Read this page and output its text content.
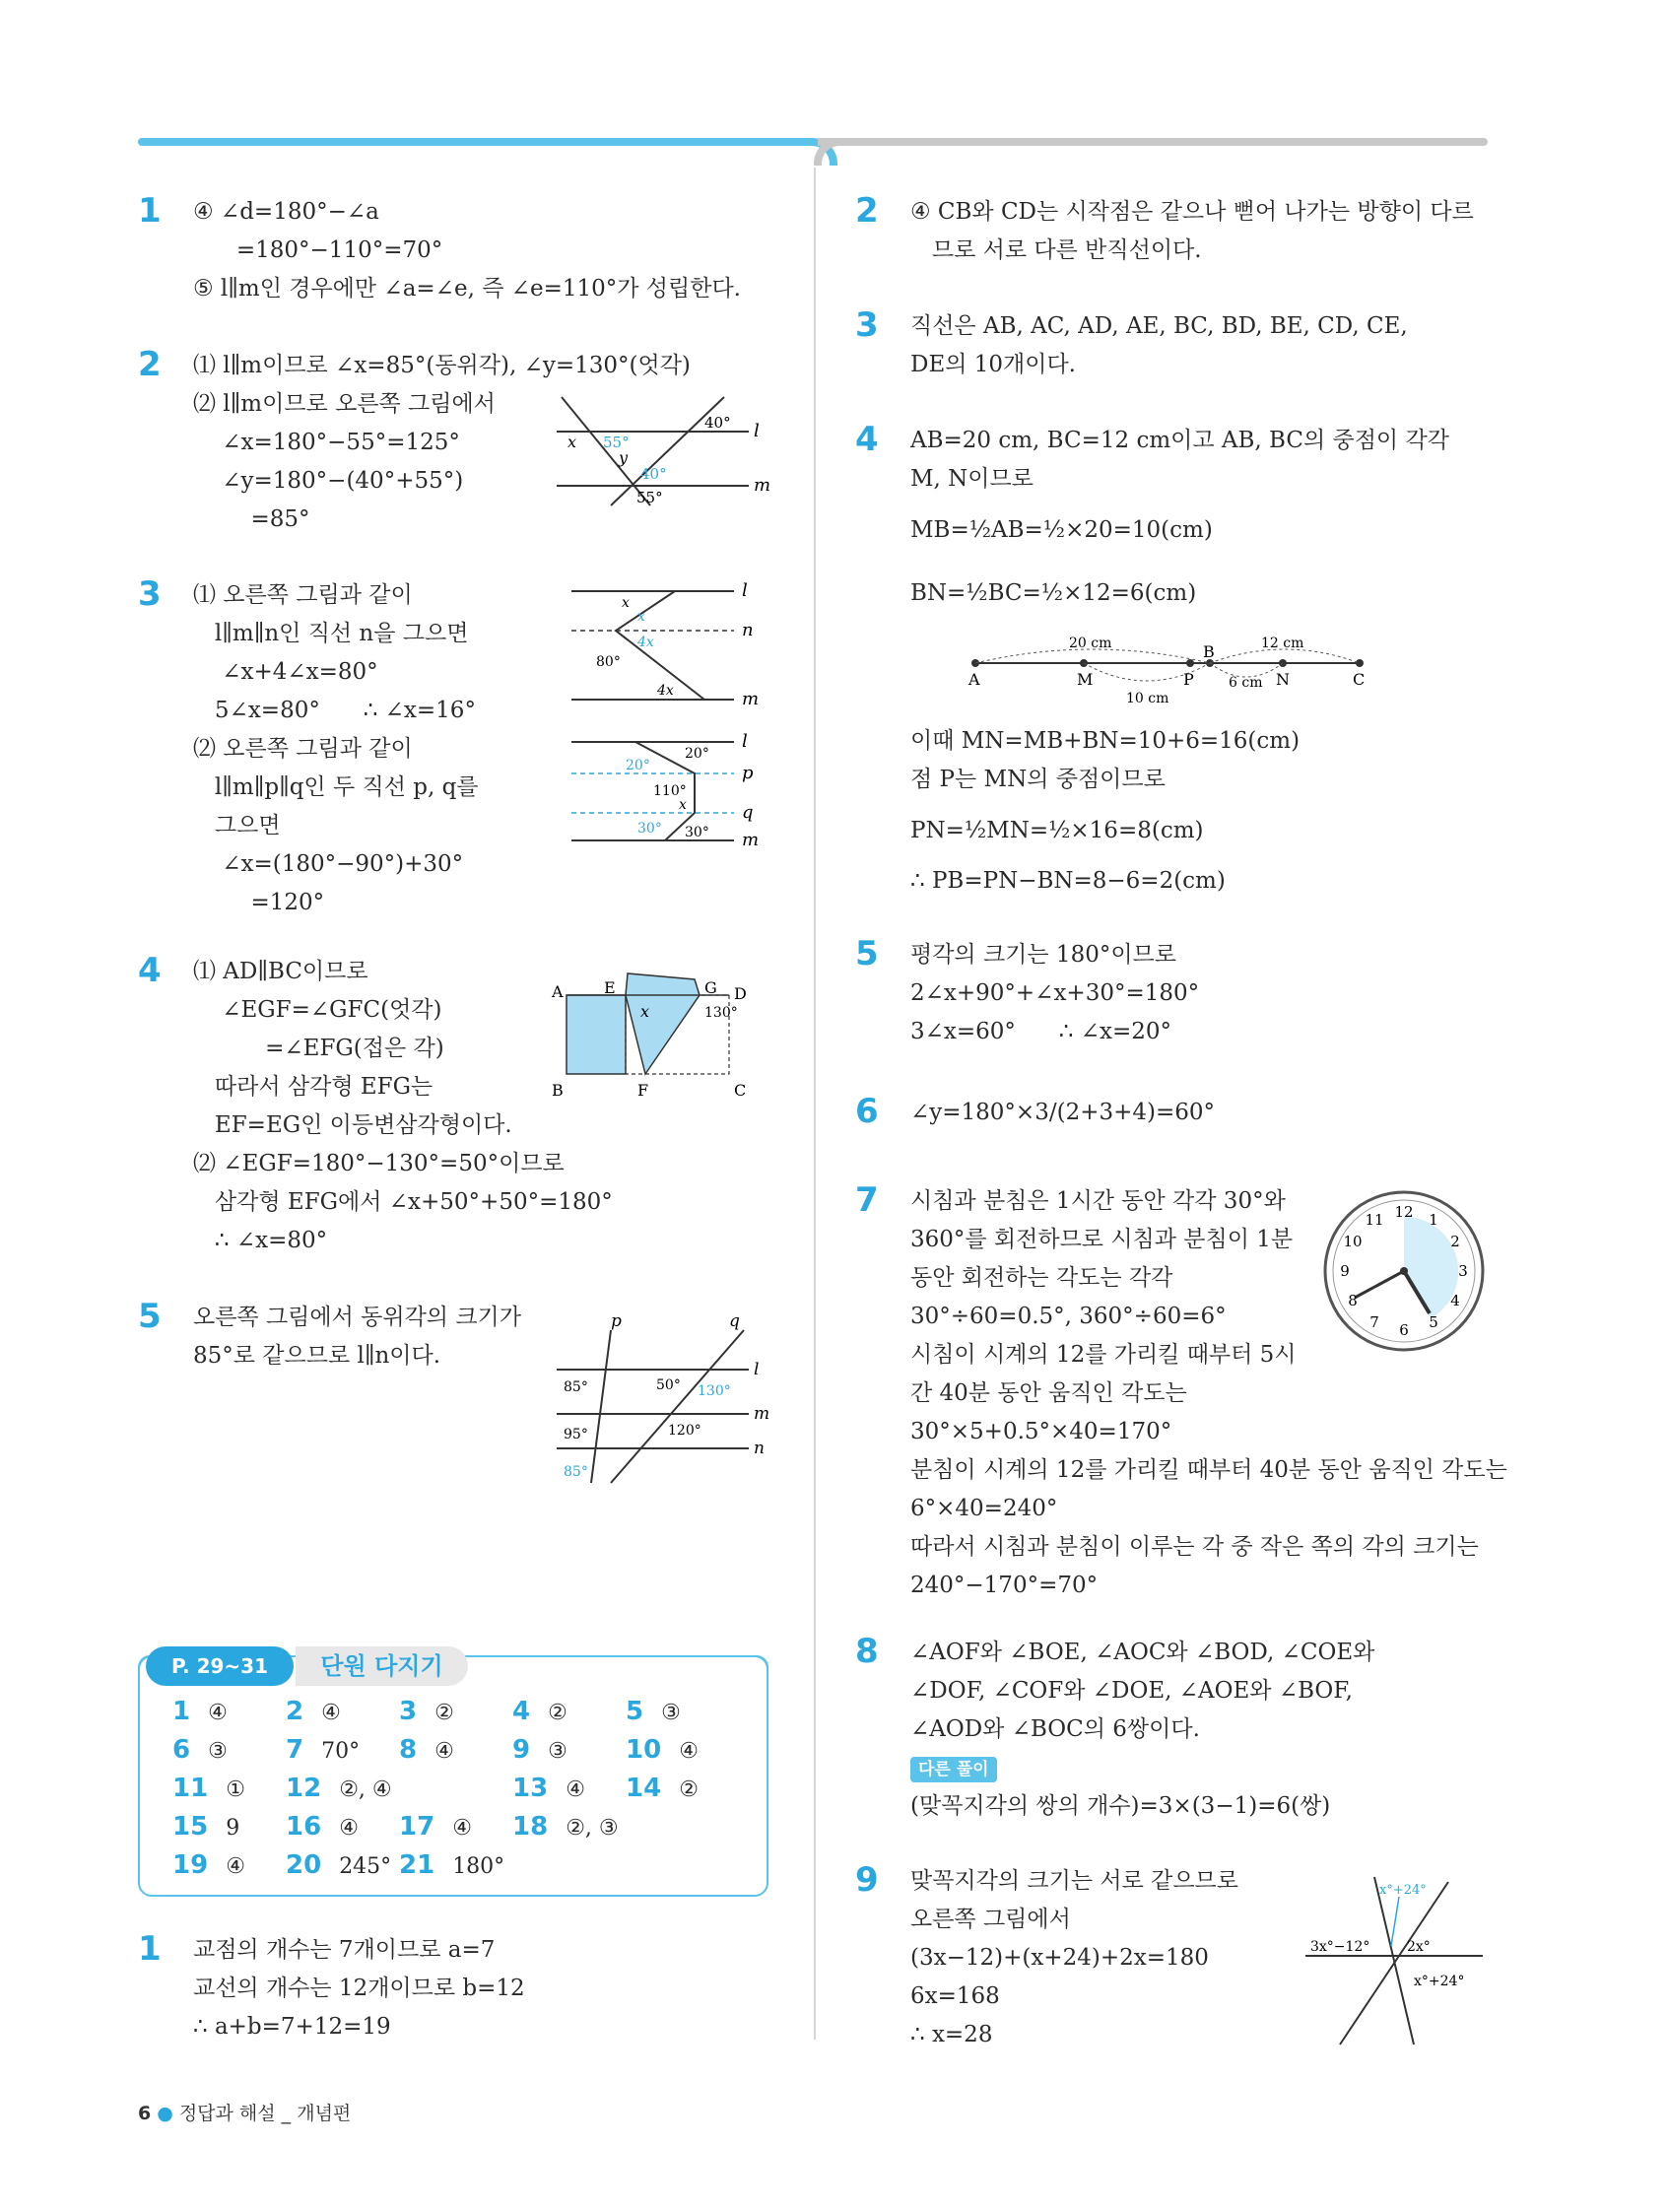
1 ④ ∠d=180°−∠a
=180°−110°=70°
⑤ l∥m인 경우에만 ∠a=∠e, 즉 ∠e=110°가 성립한다.
2 ⑴ l∥m이므로 ∠x=85°(동위각), ∠y=130°(엇각)
⑵ l∥m이므로 오른쪽 그림에서
∠x=180°−55°=125°
∠y=180°−(40°+55°)
=85°
l
m
40°
55°
40°
55°
x
y
3 ⑴ 오른쪽 그림과 같이
l∥m∥n인 직선 n을 그으면
∠x+4∠x=80°
5∠x=80°      ∴ ∠x=16°
⑵ 오른쪽 그림과 같이
l∥m∥p∥q인 두 직선 p, q를
그으면
∠x=(180°−90°)+30°
=120°
l
n
m
x
x
4x
80°
4x
l
p
q
m
20°
20°
110°
x
30° 30°
4 ⑴ AD∥BC이므로
∠EGF=∠GFC(엇각)
=∠EFG(접은 각)
따라서 삼각형 EFG는
EF=EG인 이등변삼각형이다.
⑵ ∠EGF=180°−130°=50°이므로
삼각형 EFG에서 ∠x+50°+50°=180°
∴ ∠x=80°
A	E	G D
B	F	C
x	130°
5 오른쪽 그림에서 동위각의 크기가
85°로 같으므로 l∥n이다.
p	q
l
m
n
85°	50° 130°
95°	120°
85°
P. 29~31	단원 다지기
1 ④ 2 ④ 3 ② 4 ② 5 ③
6 ③ 7 70° 8 ④ 9 ③ 10 ④
11 ① 12 ②, ④	13 ④ 14 ②
15 9 16 ④ 17 ④ 18 ②, ③
19 ④ 20 245° 21 180°
1 교점의 개수는 7개이므로 a=7
교선의 개수는 12개이므로 b=12
∴ a+b=7+12=19
2 ④ CB와 CD는 시작점은 같으나 뻗어 나가는 방향이 다르
므로 서로 다른 반직선이다.
3 직선은 AB, AC, AD, AE, BC, BD, BE, CD, CE,
DE의 10개이다.
4 AB=20 cm, BC=12 cm이고 AB, BC의 중점이 각각
M, N이므로
MB=½AB=½×20=10(cm)
BN=½BC=½×12=6(cm)
A	M	P
B
N	C
20 cm	12 cm
10 cm
6 cm
이때 MN=MB+BN=10+6=16(cm)
점 P는 MN의 중점이므로
PN=½MN=½×16=8(cm)
∴ PB=PN−BN=8−6=2(cm)
5 평각의 크기는 180°이므로
2∠x+90°+∠x+30°=180°
3∠x=60°      ∴ ∠x=20°
6 ∠y=180°×3/(2+3+4)=60°
7 시침과 분침은 1시간 동안 각각 30°와
360°를 회전하므로 시침과 분침이 1분
동안 회전하는 각도는 각각
30°÷60=0.5°, 360°÷60=6°
시침이 시계의 12를 가리킬 때부터 5시
간 40분 동안 움직인 각도는
30°×5+0.5°×40=170°
분침이 시계의 12를 가리킬 때부터 40분 동안 움직인 각도는
6°×40=240°
따라서 시침과 분침이 이루는 각 중 작은 쪽의 각의 크기는
240°−170°=70°
12 1
2
3
4
5
6
7
8
9
10
11
8 ∠AOF와 ∠BOE, ∠AOC와 ∠BOD, ∠COE와
∠DOF, ∠COF와 ∠DOE, ∠AOE와 ∠BOF,
∠AOD와 ∠BOC의 6쌍이다.
다른 풀이
(맞꼭지각의 쌍의 개수)=3×(3−1)=6(쌍)
9 맞꼭지각의 크기는 서로 같으므로
오른쪽 그림에서
(3x−12)+(x+24)+2x=180
6x=168
∴ x=28
x°+24°
3x°−12°	2x°
x°+24°
6 ● 정답과 해설 _ 개념편
